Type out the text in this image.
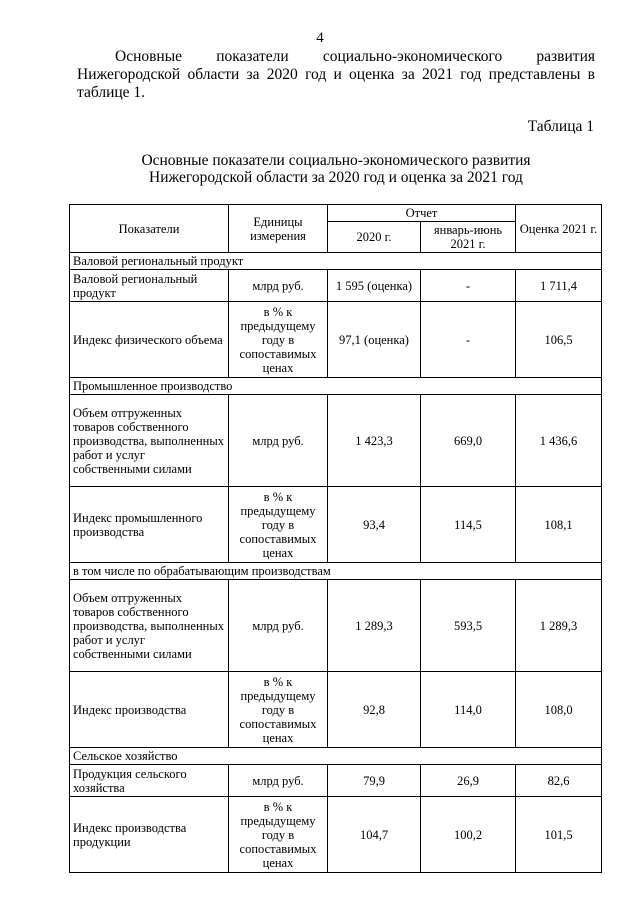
4

Основные показатели социально-экономического развития Нижегородской области за 2020 год и оценка за 2021 год представлены в таблице 1.

Таблица 1
Основные показатели социально-экономического развития
Нижегородской области за 2020 год и оценка за 2021 год
Показатели	Единицы измерения	Отчет		Оценка 2021 г.
		2020 г.	январь-июнь 2021 г.	
Валовой региональный продукт				
Валовой региональный продукт	млрд руб.	1 595 (оценка)	-	1 711,4
Индекс физического объема	в % к предыдущему году в сопоставимых ценах	97,1 (оценка)	-	106,5
Промышленное производство				
Объем отгруженных товаров собственного производства, выполненных работ и услуг собственными силами	млрд руб.	1 423,3	669,0	1 436,6
Индекс промышленного производства	в % к предыдущему году в сопоставимых ценах	93,4	114,5	108,1
в том числе по обрабатывающим производствам				
Объем отгруженных товаров собственного производства, выполненных работ и услуг собственными силами	млрд руб.	1 289,3	593,5	1 289,3
Индекс производства	в % к предыдущему году в сопоставимых ценах	92,8	114,0	108,0
Сельское хозяйство				
Продукция сельского хозяйства	млрд руб.	79,9	26,9	82,6
Индекс производства продукции	в % к предыдущему году в сопоставимых ценах	104,7	100,2	101,5
